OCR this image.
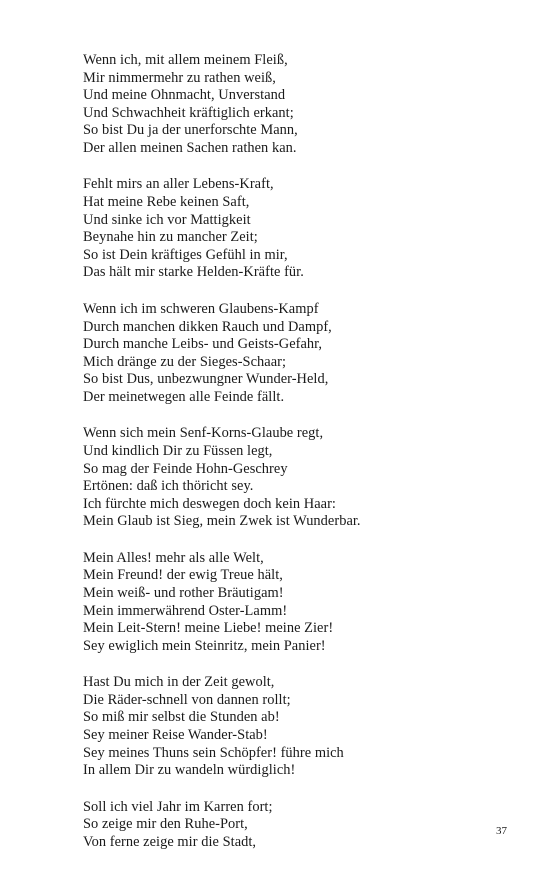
Wenn ich, mit allem meinem Fleiß,
Mir nimmermehr zu rathen weiß,
Und meine Ohnmacht, Unverstand
Und Schwachheit kräftiglich erkant;
So bist Du ja der unerforschte Mann,
Der allen meinen Sachen rathen kan.
Fehlt mirs an aller Lebens-Kraft,
Hat meine Rebe keinen Saft,
Und sinke ich vor Mattigkeit
Beynahe hin zu mancher Zeit;
So ist Dein kräftiges Gefühl in mir,
Das hält mir starke Helden-Kräfte für.
Wenn ich im schweren Glaubens-Kampf
Durch manchen dikken Rauch und Dampf,
Durch manche Leibs- und Geists-Gefahr,
Mich dränge zu der Sieges-Schaar;
So bist Dus, unbezwungner Wunder-Held,
Der meinetwegen alle Feinde fällt.
Wenn sich mein Senf-Korns-Glaube regt,
Und kindlich Dir zu Füssen legt,
So mag der Feinde Hohn-Geschrey
Ertönen: daß ich thöricht sey.
Ich fürchte mich deswegen doch kein Haar:
Mein Glaub ist Sieg, mein Zwek ist Wunderbar.
Mein Alles! mehr als alle Welt,
Mein Freund! der ewig Treue hält,
Mein weiß- und rother Bräutigam!
Mein immerwährend Oster-Lamm!
Mein Leit-Stern! meine Liebe! meine Zier!
Sey ewiglich mein Steinritz, mein Panier!
Hast Du mich in der Zeit gewolt,
Die Räder-schnell von dannen rollt;
So miß mir selbst die Stunden ab!
Sey meiner Reise Wander-Stab!
Sey meines Thuns sein Schöpfer! führe mich
In allem Dir zu wandeln würdiglich!
Soll ich viel Jahr im Karren fort;
So zeige mir den Ruhe-Port,
Von ferne zeige mir die Stadt,
37
